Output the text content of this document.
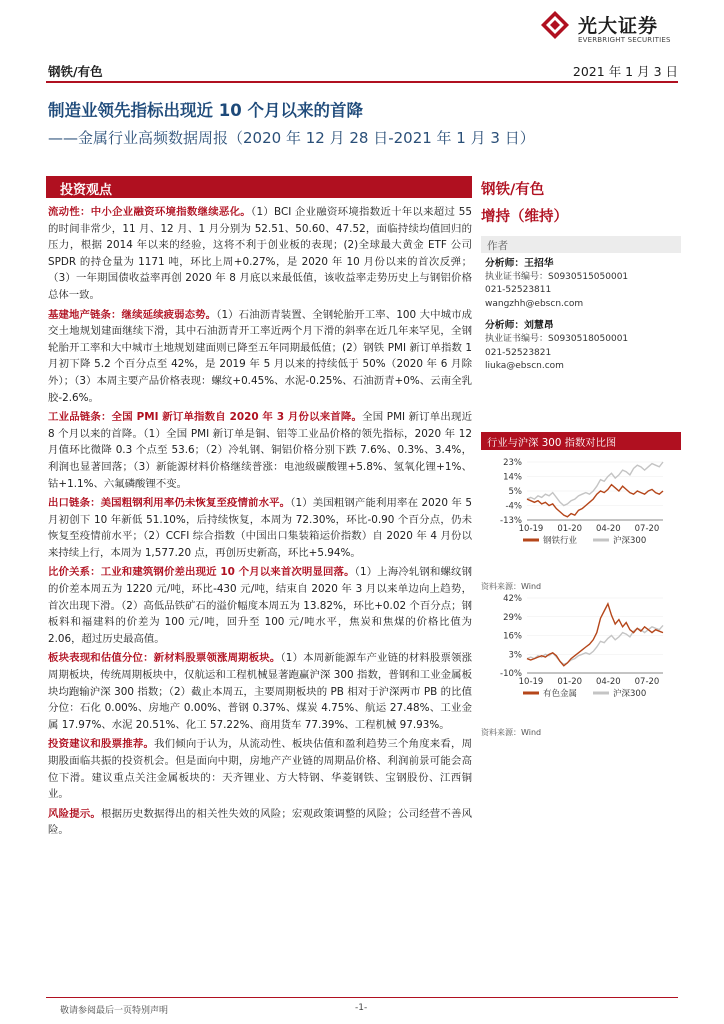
光大证券
EVERBRIGHT SECURITIES
钢铁/有色	2021 年 1 月 3 日
制造业领先指标出现近 10 个月以来的首降
——金属行业高频数据周报（2020 年 12 月 28 日-2021 年 1 月 3 日）
投资观点

流动性：中小企业融资环境指数继续恶化。（1）BCI 企业融资环境指数近十年以来超过 55 的时间非常少，11 月、12 月、1 月分别为 52.51、50.60、47.52，面临持续均值回归的压力，根据 2014 年以来的经验，这将不利于创业板的表现；(2)全球最大黄金 ETF 公司 SPDR 的持仓量为 1171 吨，环比上周+0.27%，是 2020 年 10 月份以来的首次反弹；（3）一年期国债收益率再创 2020 年 8 月底以来最低值，该收益率走势历史上与钢铝价格总体一致。

基建地产链条：继续延续疲弱态势。（1）石油沥青装置、全钢轮胎开工率、100 大中城市成交土地规划建面继续下滑，其中石油沥青开工率近两个月下滑的斜率在近几年来罕见，全钢轮胎开工率和大中城市土地规划建面则已降至五年同期最低值；(2）钢铁 PMI 新订单指数 1 月初下降 5.2 个百分点至 42%，是 2019 年 5 月以来的持续低于 50%（2020 年 6 月除外）；（3）本周主要产品价格表现：螺纹+0.45%、水泥-0.25%、石油沥青+0%、云南全乳胶-2.6%。

工业品链条：全国 PMI 新订单指数自 2020 年 3 月份以来首降。全国 PMI 新订单出现近 8 个月以来的首降。（1）全国 PMI 新订单是铜、铝等工业品价格的领先指标，2020 年 12 月值环比微降 0.3 个点至 53.6；（2）冷轧钢、铜铝价格分别下跌 7.6%、0.3%、3.4%，利润也显著回落；（3）新能源材料价格继续普涨：电池级碳酸锂+5.8%、氢氧化锂+1%、钴+1.1%、六氟磷酸锂不变。

出口链条：美国粗钢利用率仍未恢复至疫情前水平。（1）美国粗钢产能利用率在 2020 年 5 月初创下 10 年新低 51.10%，后持续恢复，本周为 72.30%，环比-0.90 个百分点，仍未恢复至疫情前水平；（2）CCFI 综合指数（中国出口集装箱运价指数）自 2020 年 4 月份以来持续上行，本周为 1,577.20 点，再创历史新高，环比+5.94%。

比价关系：工业和建筑钢价差出现近 10 个月以来首次明显回落。（1）上海冷轧钢和螺纹钢的价差本周五为 1220 元/吨，环比-430 元/吨，结束自 2020 年 3 月以来单边向上趋势，首次出现下滑。（2）高低品铁矿石的溢价幅度本周五为 13.82%，环比+0.02 个百分点；钢板料和福建料的价差为 100 元/吨，回升至 100 元/吨水平，焦炭和焦煤的价格比值为 2.06，超过历史最高值。

板块表现和估值分位：新材料股票领涨周期板块。（1）本周新能源车产业链的材料股票领涨周期板块，传统周期板块中，仅航运和工程机械显著跑赢沪深 300 指数，普钢和工业金属板块均跑输沪深 300 指数；（2）截止本周五，主要周期板块的 PB 相对于沪深两市 PB 的比值分位：石化 0.00%、房地产 0.00%、普钢 0.37%、煤炭 4.75%、航运 27.48%、工业金属 17.97%、水泥 20.51%、化工 57.22%、商用货车 77.39%、工程机械 97.93%。

投资建议和股票推荐。我们倾向于认为，从流动性、板块估值和盈利趋势三个角度来看，周期股面临共振的投资机会。但是面向中期，房地产产业链的周期品价格、利润前景可能会高位下滑。建议重点关注金属板块的：天齐锂业、方大特钢、华菱钢铁、宝钢股份、江西铜业。

风险提示。根据历史数据得出的相关性失效的风险；宏观政策调整的风险；公司经营不善风险。

钢铁/有色
增持（维持）
作者
分析师：王招华
执业证书编号：S0930515050001
021-52523811
wangzhh@ebscn.com
分析师：刘慧昂
执业证书编号：S0930518050001
021-52523821
liuka@ebscn.com
行业与沪深 300 指数对比图
23%
14%
5%
-4%
-13%
10-19 01-20 04-20 07-20
钢铁行业	沪深300
资料来源：Wind
42%
29%
16%
3%
-10%
10-19 01-20 04-20 07-20
有色金属	沪深300
资料来源：Wind
敬请参阅最后一页特别声明	-1-
